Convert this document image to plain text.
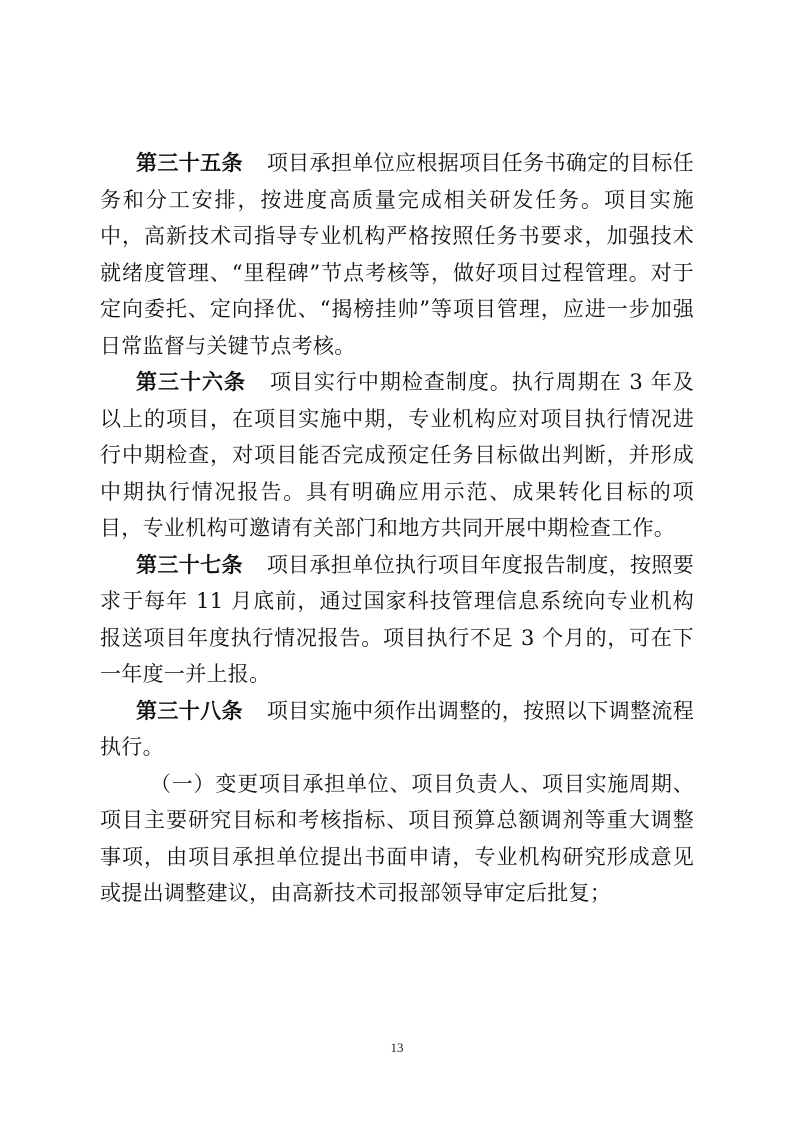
第三十五条 项目承担单位应根据项目任务书确定的目标任务和分工安排，按进度高质量完成相关研发任务。项目实施中，高新技术司指导专业机构严格按照任务书要求，加强技术就绪度管理、“里程碑”节点考核等，做好项目过程管理。对于定向委托、定向择优、“揭榜挂帅”等项目管理，应进一步加强日常监督与关键节点考核。

第三十六条 项目实行中期检查制度。执行周期在 3 年及以上的项目，在项目实施中期，专业机构应对项目执行情况进行中期检查，对项目能否完成预定任务目标做出判断，并形成中期执行情况报告。具有明确应用示范、成果转化目标的项目，专业机构可邀请有关部门和地方共同开展中期检查工作。

第三十七条 项目承担单位执行项目年度报告制度，按照要求于每年 11 月底前，通过国家科技管理信息系统向专业机构报送项目年度执行情况报告。项目执行不足 3 个月的，可在下一年度一并上报。

第三十八条 项目实施中须作出调整的，按照以下调整流程执行。

（一）变更项目承担单位、项目负责人、项目实施周期、项目主要研究目标和考核指标、项目预算总额调剂等重大调整事项，由项目承担单位提出书面申请，专业机构研究形成意见或提出调整建议，由高新技术司报部领导审定后批复；

13
